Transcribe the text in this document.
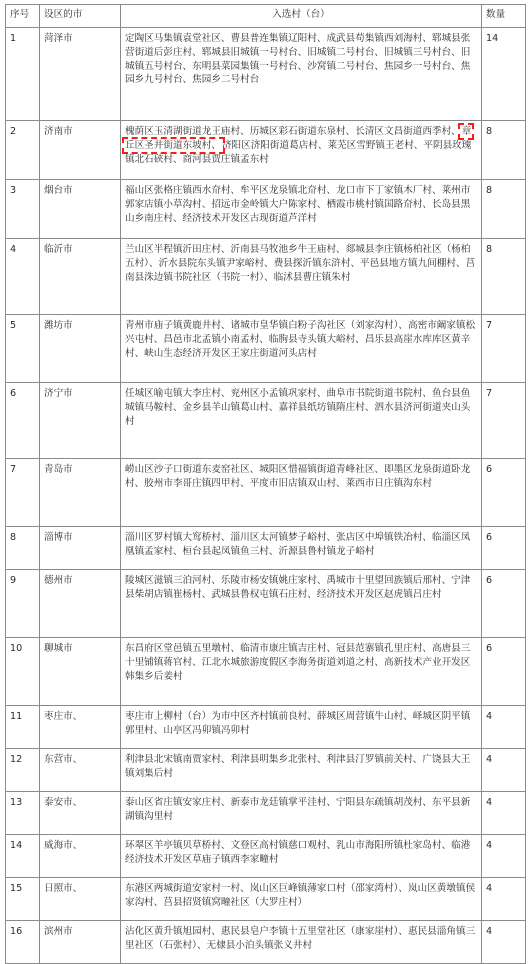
序号	设区的市	入选村（台）	数量
1	菏泽市	定陶区马集镇袁堂社区、曹县普连集镇辽阳村、成武县苟集镇西刘海村、郓城县张营街道后彭庄村、郓城县旧城镇一号村台、旧城镇二号村台、旧城镇三号村台、旧城镇五号村台、东明县菜园集镇一号村台、沙窝镇二号村台、焦园乡一号村台、焦园乡九号村台、焦园乡二号村台	14
2	济南市	槐荫区玉清湖街道龙王庙村、历城区彩石街道东泉村、长清区文昌街道西季村、章丘区圣井街道东坡村、济阳区济阳街道葛店村、莱芜区雪野镇王老村、平阴县玫瑰镇北石硖村、商河县贾庄镇孟东村	8
3	烟台市	福山区张格庄镇西水夼村、牟平区龙泉镇北夼村、龙口市下丁家镇木厂村、莱州市郭家店镇小草沟村、招远市金岭镇大户陈家村、栖霞市桃村镇国路夼村、长岛县黑山乡南庄村、经济技术开发区古现街道芦洋村	8
4	临沂市	兰山区半程镇沂田庄村、沂南县马牧池乡牛王庙村、郯城县李庄镇杨柏社区（杨柏五村）、沂水县院东头镇尹家峪村、费县探沂镇东浒村、平邑县地方镇九间棚村、莒南县洙边镇书院社区（书院一村）、临沭县曹庄镇朱村	8
5	潍坊市	青州市庙子镇黄鹿井村、诸城市皇华镇白粉子沟社区（刘家沟村）、高密市阚家镇松兴屯村、昌邑市北孟镇小南孟村、临朐县寺头镇大峪村、昌乐县高崖水库库区黄辛村、峡山生态经济开发区王家庄街道河头店村	7
6	济宁市	任城区喻屯镇大李庄村、兖州区小孟镇巩家村、曲阜市书院街道书院村、鱼台县鱼城镇马鞍村、金乡县羊山镇葛山村、嘉祥县纸坊镇隋庄村、泗水县济河街道夹山头村	7
7	青岛市	崂山区沙子口街道东麦窑社区、城阳区惜福镇街道青峰社区、即墨区龙泉街道卧龙村、胶州市李哥庄镇四甲村、平度市旧店镇双山村、莱西市日庄镇沟东村	6
8	淄博市	淄川区罗村镇大窎桥村、淄川区太河镇梦子峪村、张店区中埠镇铁冶村、临淄区凤凰镇孟家村、桓台县起凤镇鱼三村、沂源县鲁村镇龙子峪村	6
9	德州市	陵城区滋镇三泊河村、乐陵市杨安镇姚庄家村、禹城市十里望回族镇后邢村、宁津县柴胡店镇崔杨村、武城县鲁权屯镇石庄村、经济技术开发区赵虎镇吕庄村	6
10	聊城市	东昌府区堂邑镇五里墩村、临清市康庄镇吉庄村、冠县范寨镇孔里庄村、高唐县三十里铺镇蒋官村、江北水城旅游度假区李海务街道刘道之村、高新技术产业开发区韩集乡后姜村	6
11	枣庄市、	枣庄市上柳村（台）为市中区齐村镇前良村、薛城区周营镇牛山村、峄城区阴平镇郭里村、山亭区冯卯镇冯卯村	4
12	东营市、	利津县北宋镇南贾家村、利津县明集乡北张村、利津县汀罗镇前关村、广饶县大王镇刘集后村	4
13	泰安市、	泰山区省庄镇安家庄村、新泰市龙廷镇掌平洼村、宁阳县东疏镇胡茂村、东平县新湖镇沟里村	4
14	威海市、	环翠区羊亭镇贝草桥村、文登区高村镇慈口观村、乳山市海阳所镇杜家岛村、临港经济技术开发区草庙子镇西李家疃村	4
15	日照市、	东港区两城街道安家村一村、岚山区巨峰镇薄家口村（邵家湾村）、岚山区黄墩镇侯家沟村、莒县招贤镇窝疃社区（大罗庄村）	4
16	滨州市	沾化区黄升镇旭园村、惠民县皂户李镇十五里堂社区（康家崖村）、惠民县淄角镇三里社区（石张村）、无棣县小泊头镇张义井村	4
